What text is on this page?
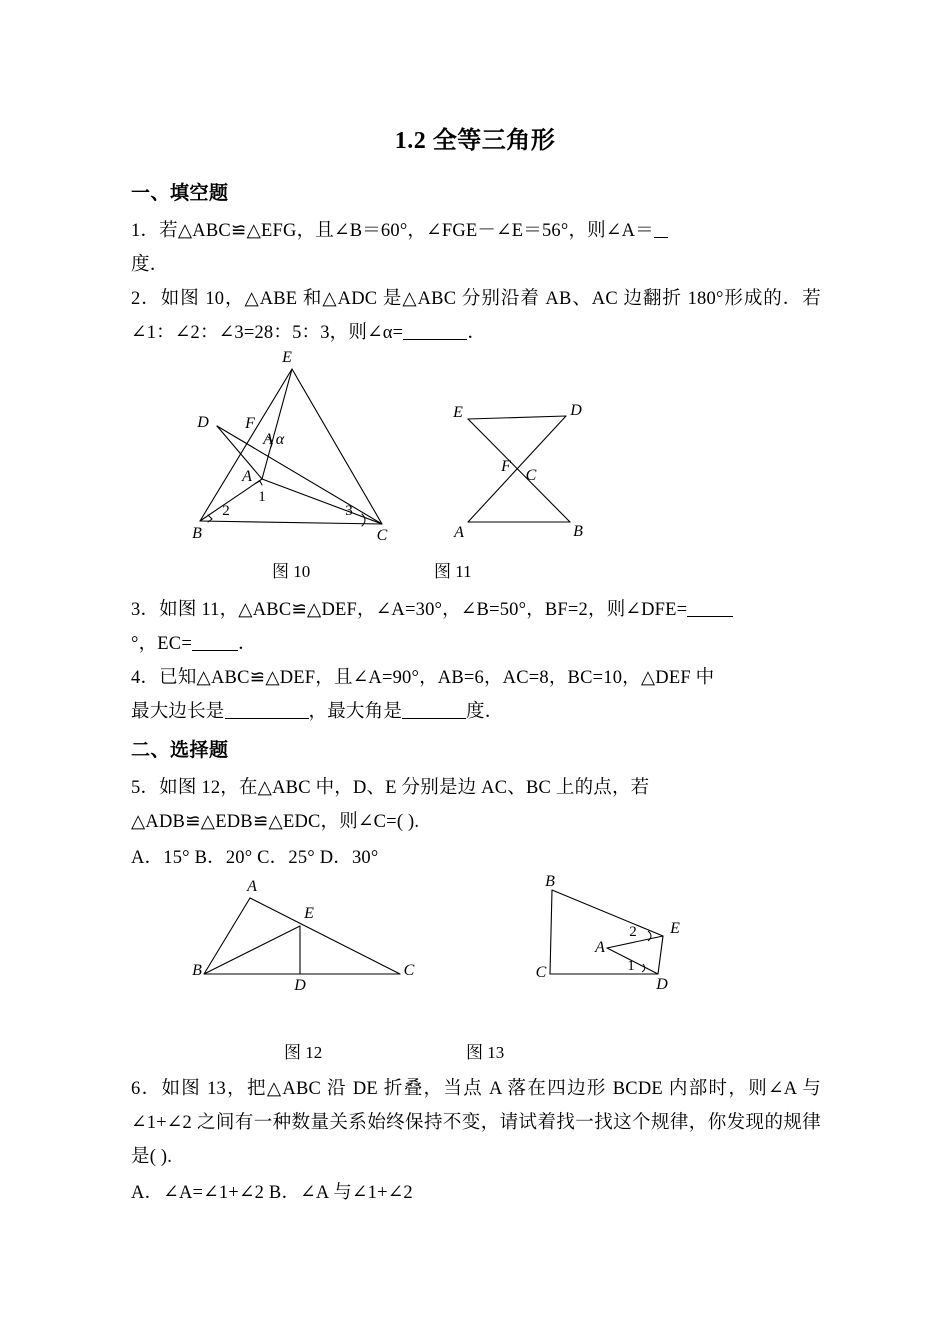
1.2 全等三角形
一、填空题
1．若△ABC≌△EFG，且∠B＝60°，∠FGE－∠E＝56°，则∠A＝
度．
2．如图 10，△ABE 和△ADC 是△ABC 分别沿着 AB、AC 边翻折 180°形成的．若∠1：∠2：∠3=28：5：3，则∠α=	．
E
D F
A α
A
1
2	3
B	C
E	D
F
C
A	B
图 10	图 11
3．如图 11，△ABC≌△DEF，∠A=30°，∠B=50°，BF=2，则∠DFE=
°，EC= ．
4．已知△ABC≌△DEF，且∠A=90°，AB=6，AC=8，BC=10，△DEF 中
最大边长是	，最大角是	度．
二、选择题
5．如图 12，在△ABC 中，D、E 分别是边 AC、BC 上的点，若
△ADB≌△EDB≌△EDC，则∠C=( ).
A．15° B．20° C．25° D．30°
A
E
B
D
C
B
C
D
E
A
2
1
图 12	图 13
6．如图 13，把△ABC 沿 DE 折叠，当点 A 落在四边形 BCDE 内部时，则∠A 与∠1+∠2 之间有一种数量关系始终保持不变，请试着找一找这个规律，你发现的规律是( ).
A．∠A=∠1+∠2 B．∠A 与∠1+∠2
